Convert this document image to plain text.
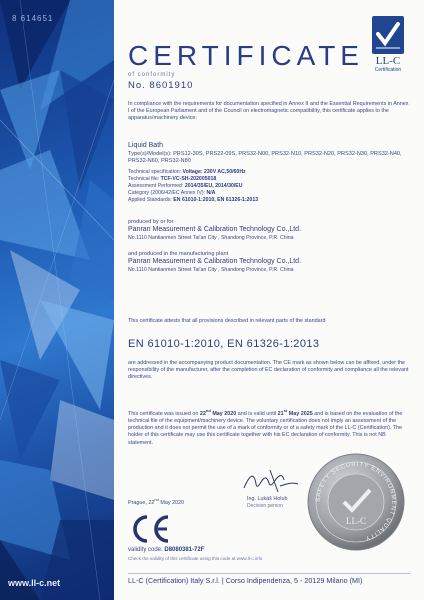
8 614651
www.ll-c.net
LL-C
Certification
CERTIFICATE
of conformity
No. 8601910
In compliance with the requirements for documentation specified in Annex II and the Essential Requirements in Annex I of the European Parliament and of the Council on electromagnetic compatibility, this certificate applies to the apparatus/machinery device:
Liquid Bath
Type(s)/Model(s): PRS12-30S, PRS22-09S, PRS32-N00, PRS32-N10, PRS32-N20, PRS32-N30, PRS32-N40, PRS32-N60, PRS32-N80
Technical specification: Voltage: 230V AC,50/60Hz
Technical file: TCF-VC-SH-202005018
Assessment Performed: 2014/35/EU, 2014/30/EU
Category (2006/42/EC Annex IV): N/A
Applied Standards: EN 61010-1:2010, EN 61326-1:2013
produced by or for
Panran Measurement & Calibration Technology Co.,Ltd.
No.1110 Nantianmen Street Tai'an City , Shandong Province, P.R. China
and produced in the manufacturing plant
Panran Measurement & Calibration Technology Co.,Ltd.
No.1110 Nantianmen Street Tai'an City , Shandong Province, P.R. China
This certificate attests that all provisions described in relevant parts of the standard
EN 61010-1:2010, EN 61326-1:2013
are addressed in the accompanying product documentation. The CE mark as shown below can be affixed, under the responsibility of the manufacturer, after the completion of EC declaration of conformity and compliance all the relevant directives.
This certificate was issued on 22nd May 2020 and is valid until 21st May 2025 and is based on the evaluation of the technical file of the equipment/machinery device. The voluntary certification does not imply an assessment of the production and it does not permit the use of a mark of conformity or of a safety mark of the LL-C (Certification). The holder of this certificate may use this certificate together with his EC declaration of conformity. This is not NB statement.
Prague, 22nd May 2020
Ing. Lukáš Holub
Decision person
validity code: D8080381-72F
Check the validity of this certificate using this code at www.ll-c.info
SAFETY SECURITY ENVIRONMENT QUALITY
LL-C
LL-C (Certification) Italy S.r.l. | Corso Indipendenza, 5 - 20129 Milano (MI)
